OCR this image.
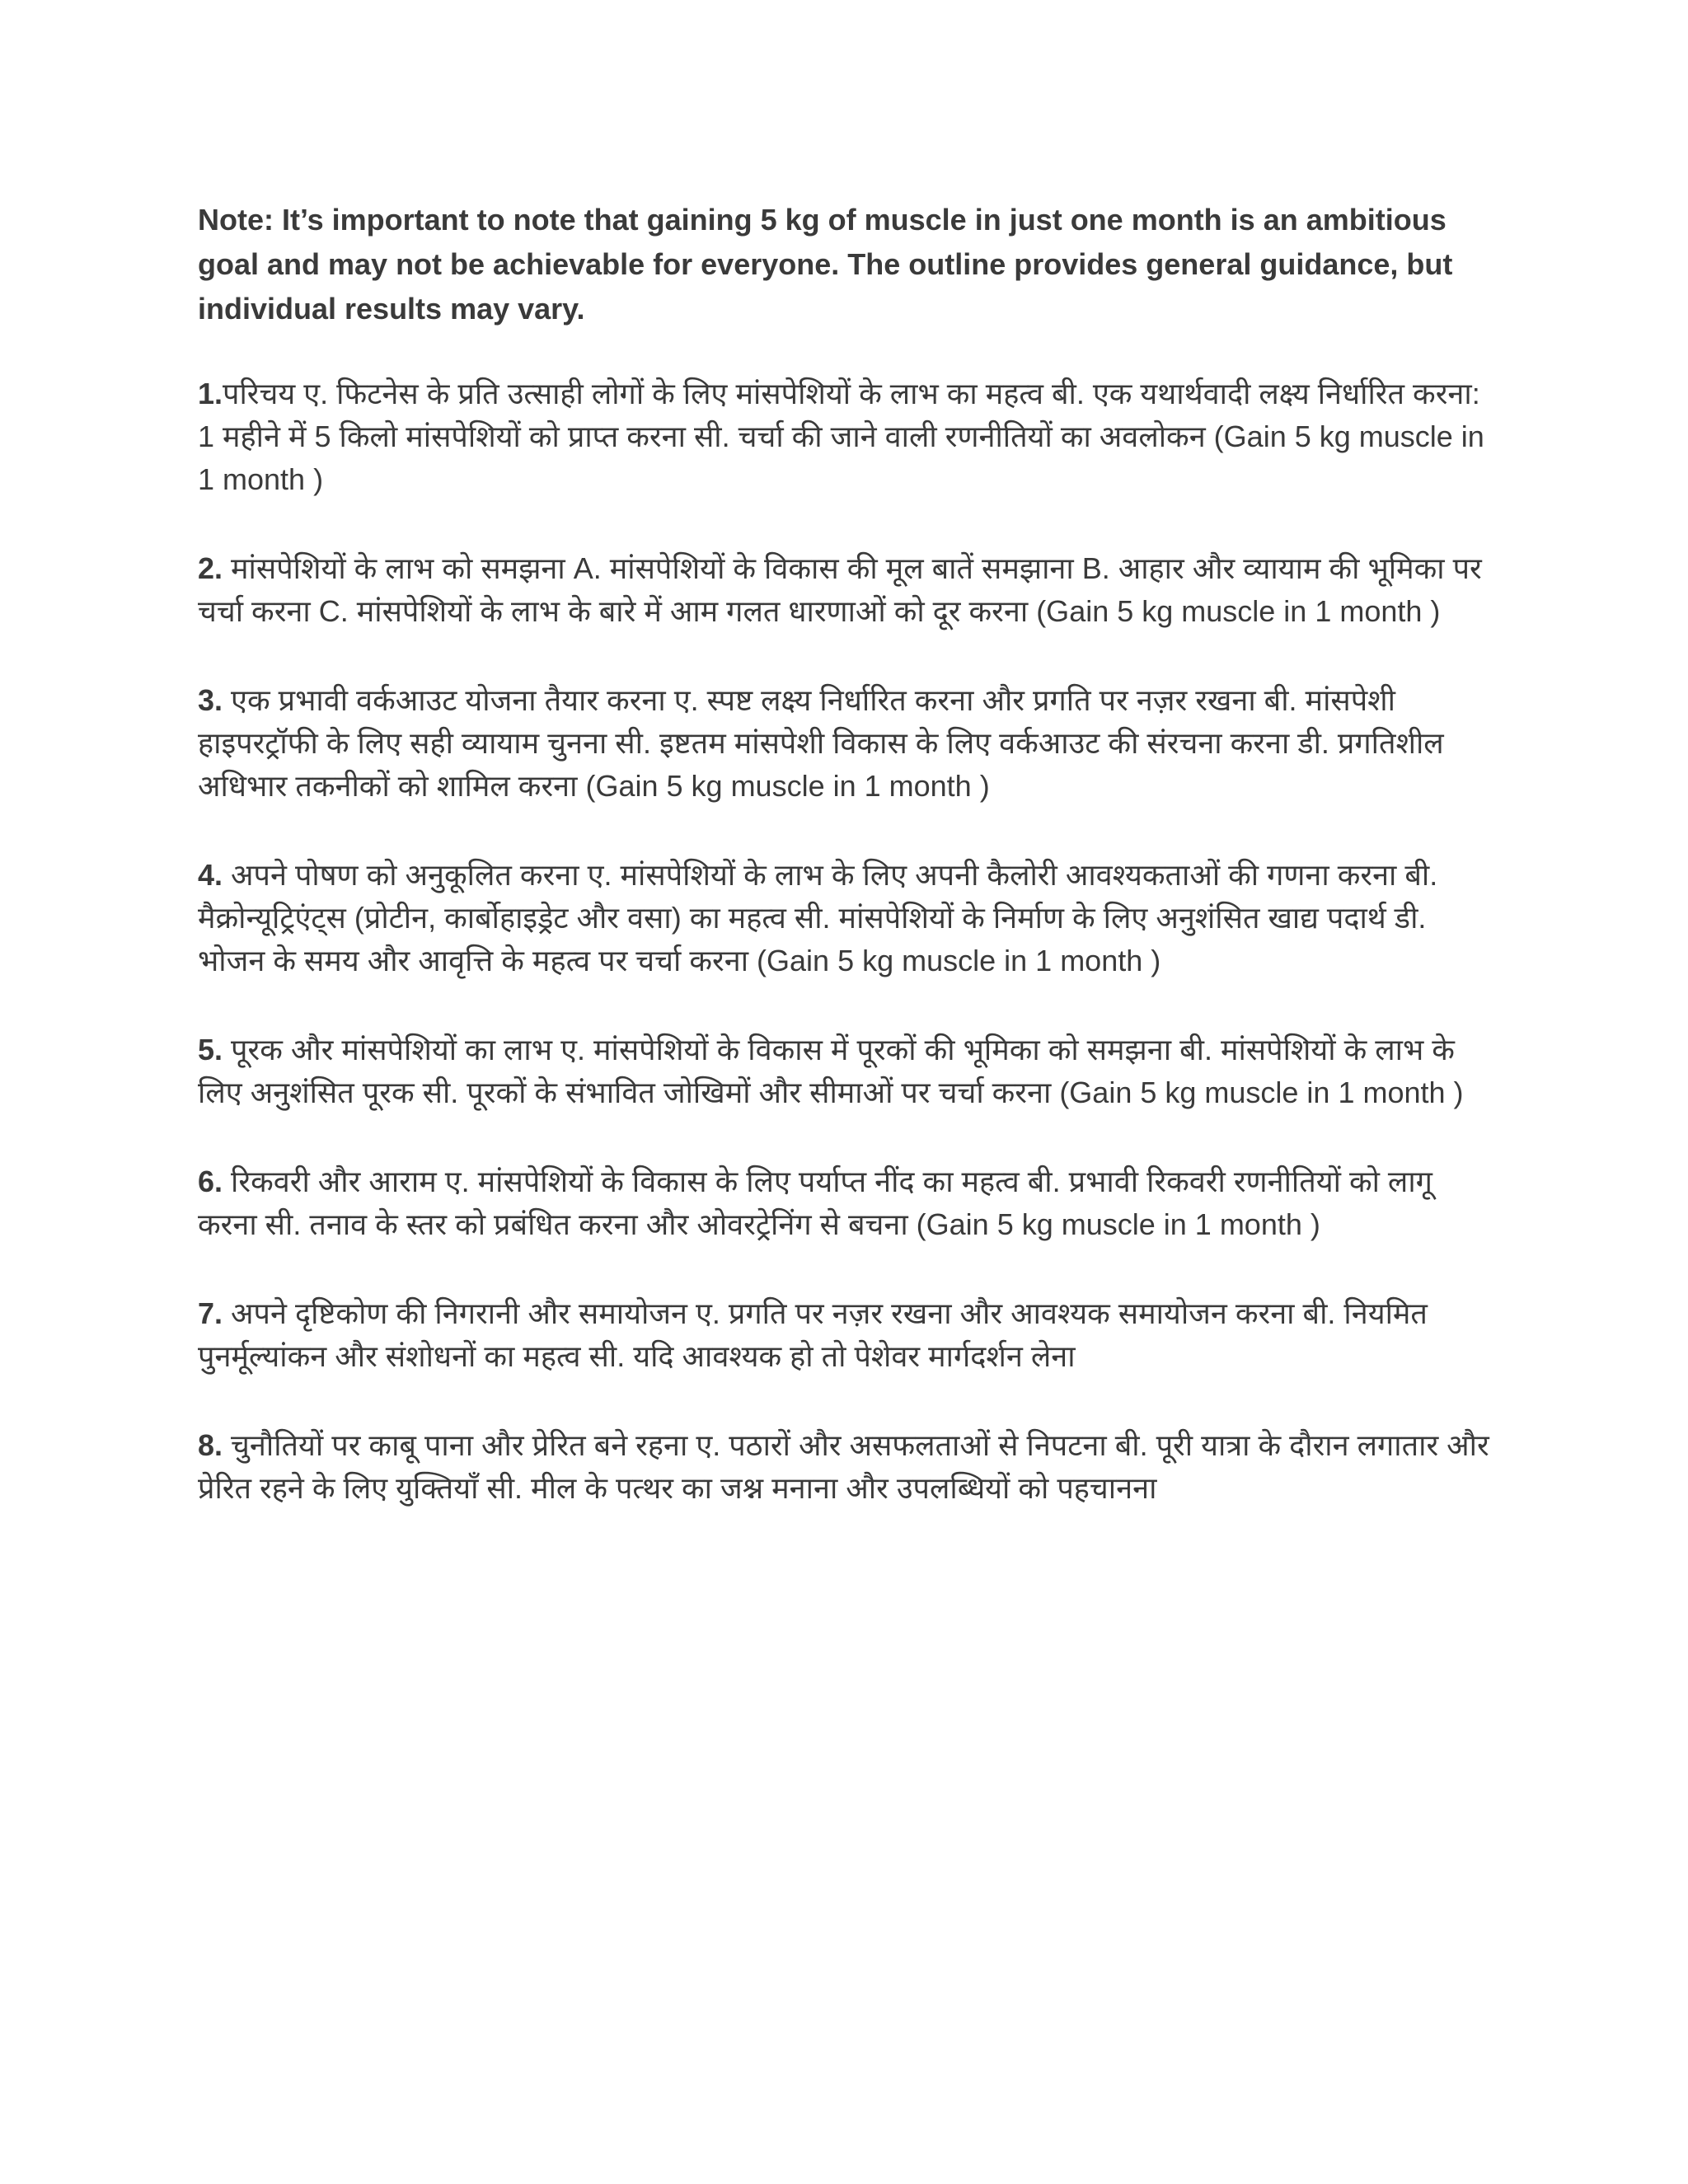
Note: It’s important to note that gaining 5 kg of muscle in just one month is an ambitious goal and may not be achievable for everyone. The outline provides general guidance, but individual results may vary.

1.परिचय ए. फिटनेस के प्रति उत्साही लोगों के लिए मांसपेशियों के लाभ का महत्व बी. एक यथार्थवादी लक्ष्य निर्धारित करना: 1 महीने में 5 किलो मांसपेशियों को प्राप्त करना सी. चर्चा की जाने वाली रणनीतियों का अवलोकन (Gain 5 kg muscle in 1 month )

2. मांसपेशियों के लाभ को समझना A. मांसपेशियों के विकास की मूल बातें समझाना B. आहार और व्यायाम की भूमिका पर चर्चा करना C. मांसपेशियों के लाभ के बारे में आम गलत धारणाओं को दूर करना (Gain 5 kg muscle in 1 month )

3. एक प्रभावी वर्कआउट योजना तैयार करना ए. स्पष्ट लक्ष्य निर्धारित करना और प्रगति पर नज़र रखना बी. मांसपेशी हाइपरट्रॉफी के लिए सही व्यायाम चुनना सी. इष्टतम मांसपेशी विकास के लिए वर्कआउट की संरचना करना डी. प्रगतिशील अधिभार तकनीकों को शामिल करना (Gain 5 kg muscle in 1 month )

4. अपने पोषण को अनुकूलित करना ए. मांसपेशियों के लाभ के लिए अपनी कैलोरी आवश्यकताओं की गणना करना बी. मैक्रोन्यूट्रिएंट्स (प्रोटीन, कार्बोहाइड्रेट और वसा) का महत्व सी. मांसपेशियों के निर्माण के लिए अनुशंसित खाद्य पदार्थ डी. भोजन के समय और आवृत्ति के महत्व पर चर्चा करना (Gain 5 kg muscle in 1 month )

5. पूरक और मांसपेशियों का लाभ ए. मांसपेशियों के विकास में पूरकों की भूमिका को समझना बी. मांसपेशियों के लाभ के लिए अनुशंसित पूरक सी. पूरकों के संभावित जोखिमों और सीमाओं पर चर्चा करना (Gain 5 kg muscle in 1 month )

6. रिकवरी और आराम ए. मांसपेशियों के विकास के लिए पर्याप्त नींद का महत्व बी. प्रभावी रिकवरी रणनीतियों को लागू करना सी. तनाव के स्तर को प्रबंधित करना और ओवरट्रेनिंग से बचना (Gain 5 kg muscle in 1 month )

7. अपने दृष्टिकोण की निगरानी और समायोजन ए. प्रगति पर नज़र रखना और आवश्यक समायोजन करना बी. नियमित पुनर्मूल्यांकन और संशोधनों का महत्व सी. यदि आवश्यक हो तो पेशेवर मार्गदर्शन लेना

8. चुनौतियों पर काबू पाना और प्रेरित बने रहना ए. पठारों और असफलताओं से निपटना बी. पूरी यात्रा के दौरान लगातार और प्रेरित रहने के लिए युक्तियाँ सी. मील के पत्थर का जश्न मनाना और उपलब्धियों को पहचानना
